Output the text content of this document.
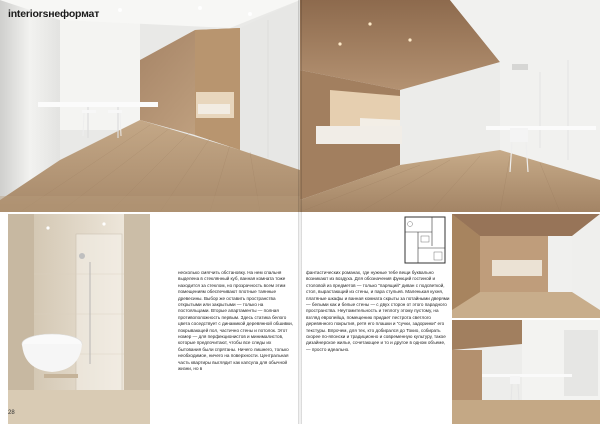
interiorsнеформат
28
несколько смягчить обстановку. На нем спальня выделена в стеклянный куб, ванная комната тоже находится за стеклом, но прозрачность всем этим помещениям обеспечивают плотные таянные древесины. Выбор же оставить пространства открытыми или закрытыми — только на постояльцами. Вторые апартаменты — полная противоположность первым. Здесь статика белого цвета соседствует с динамикой деревянной обшивки, покрывающей пол, частично стены и потолок. Этот номер — для перфекционистов и минималистов, которые предпочитают, чтобы все следы их бытования были спрятаны. Ничего лишнего, только необходимое, ничего на поверхности. Центральная часть квартиры выглядит как капсула для обычной жизни, но в
фантастических романах, где нужные тебе вещи буквально возникают из воздуха. Для обозначения функций гостиной и столовой из предметов — только "парящий" диван с подсветкой, стол, вырастающий из стены, и пара стульев. Маленькая кухня, платяные шкафы и ванная комната скрыты за потайными дверями — белыми как и белые стены — с двух сторон от этого парадного пространства. Неутомительность и теплоту этому пустому, на взгляд европейца, помещению придает пестрота светлого деревянного покрытия, ретя его плашки и "сучки, задоринки" его текстуры. Впрочем, для тех, кто добирался до Токио, собирать скорее по-японски и традиционно и современную культуру, такое дизайнерское жилье, сочетающее и то и другое в одном объеме, — просто идеально.
